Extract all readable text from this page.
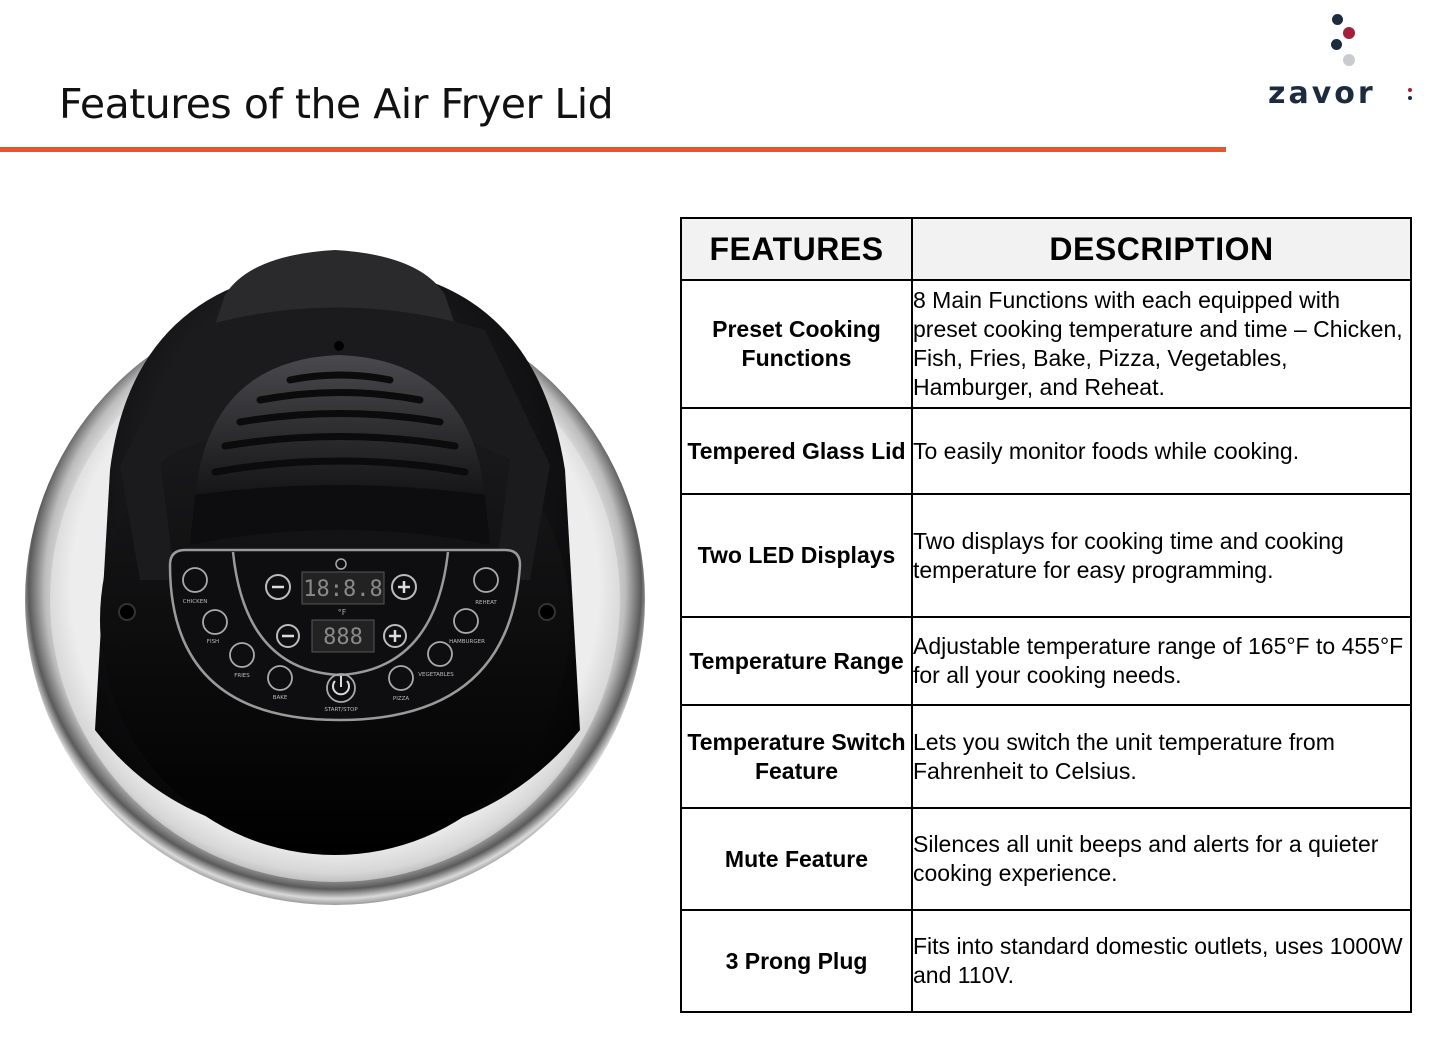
Features of the Air Fryer Lid	zavor
18:8.8
888
°F
CHICKEN
FISH
FRIES
BAKE
START/STOP
PIZZA
VEGETABLES
HAMBURGER
REHEAT
FEATURES	DESCRIPTION
Preset Cooking Functions	8 Main Functions with each equipped with preset cooking temperature and time – Chicken, Fish, Fries, Bake, Pizza, Vegetables, Hamburger, and Reheat.
Tempered Glass Lid	To easily monitor foods while cooking.
Two LED Displays	Two displays for cooking time and cooking temperature for easy programming.
Temperature Range	Adjustable temperature range of 165°F to 455°F for all your cooking needs.
Temperature Switch Feature	Lets you switch the unit temperature from Fahrenheit to Celsius.
Mute Feature	Silences all unit beeps and alerts for a quieter cooking experience.
3 Prong Plug	Fits into standard domestic outlets, uses 1000W and 110V.
